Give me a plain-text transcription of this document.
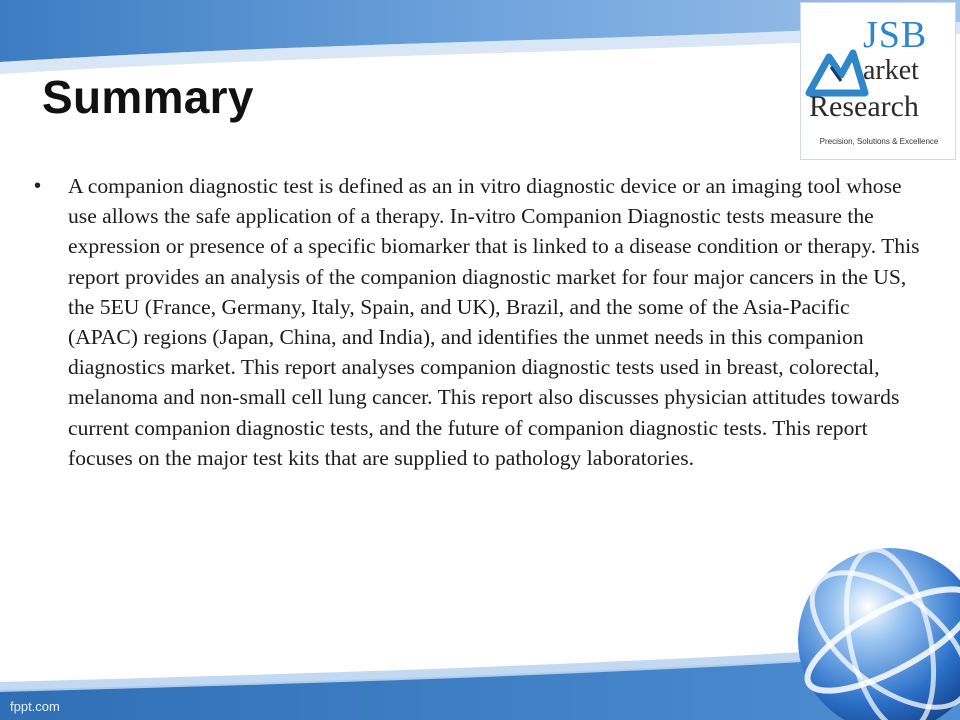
Summary
•	A companion diagnostic test is defined as an in vitro diagnostic device or an imaging tool whose use allows the safe application of a therapy. In-vitro Companion Diagnostic tests measure the expression or presence of a specific biomarker that is linked to a disease condition or therapy. This report provides an analysis of the companion diagnostic market for four major cancers in the US, the 5EU (France, Germany, Italy, Spain, and UK), Brazil, and the some of the Asia-Pacific (APAC) regions (Japan, China, and India), and identifies the unmet needs in this companion diagnostics market. This report analyses companion diagnostic tests used in breast, colorectal, melanoma and non-small cell lung cancer. This report also discusses physician attitudes towards current companion diagnostic tests, and the future of companion diagnostic tests. This report focuses on the major test kits that are supplied to pathology laboratories.
JSB
arket
Research
Precision, Solutions & Excellence
fppt.com
